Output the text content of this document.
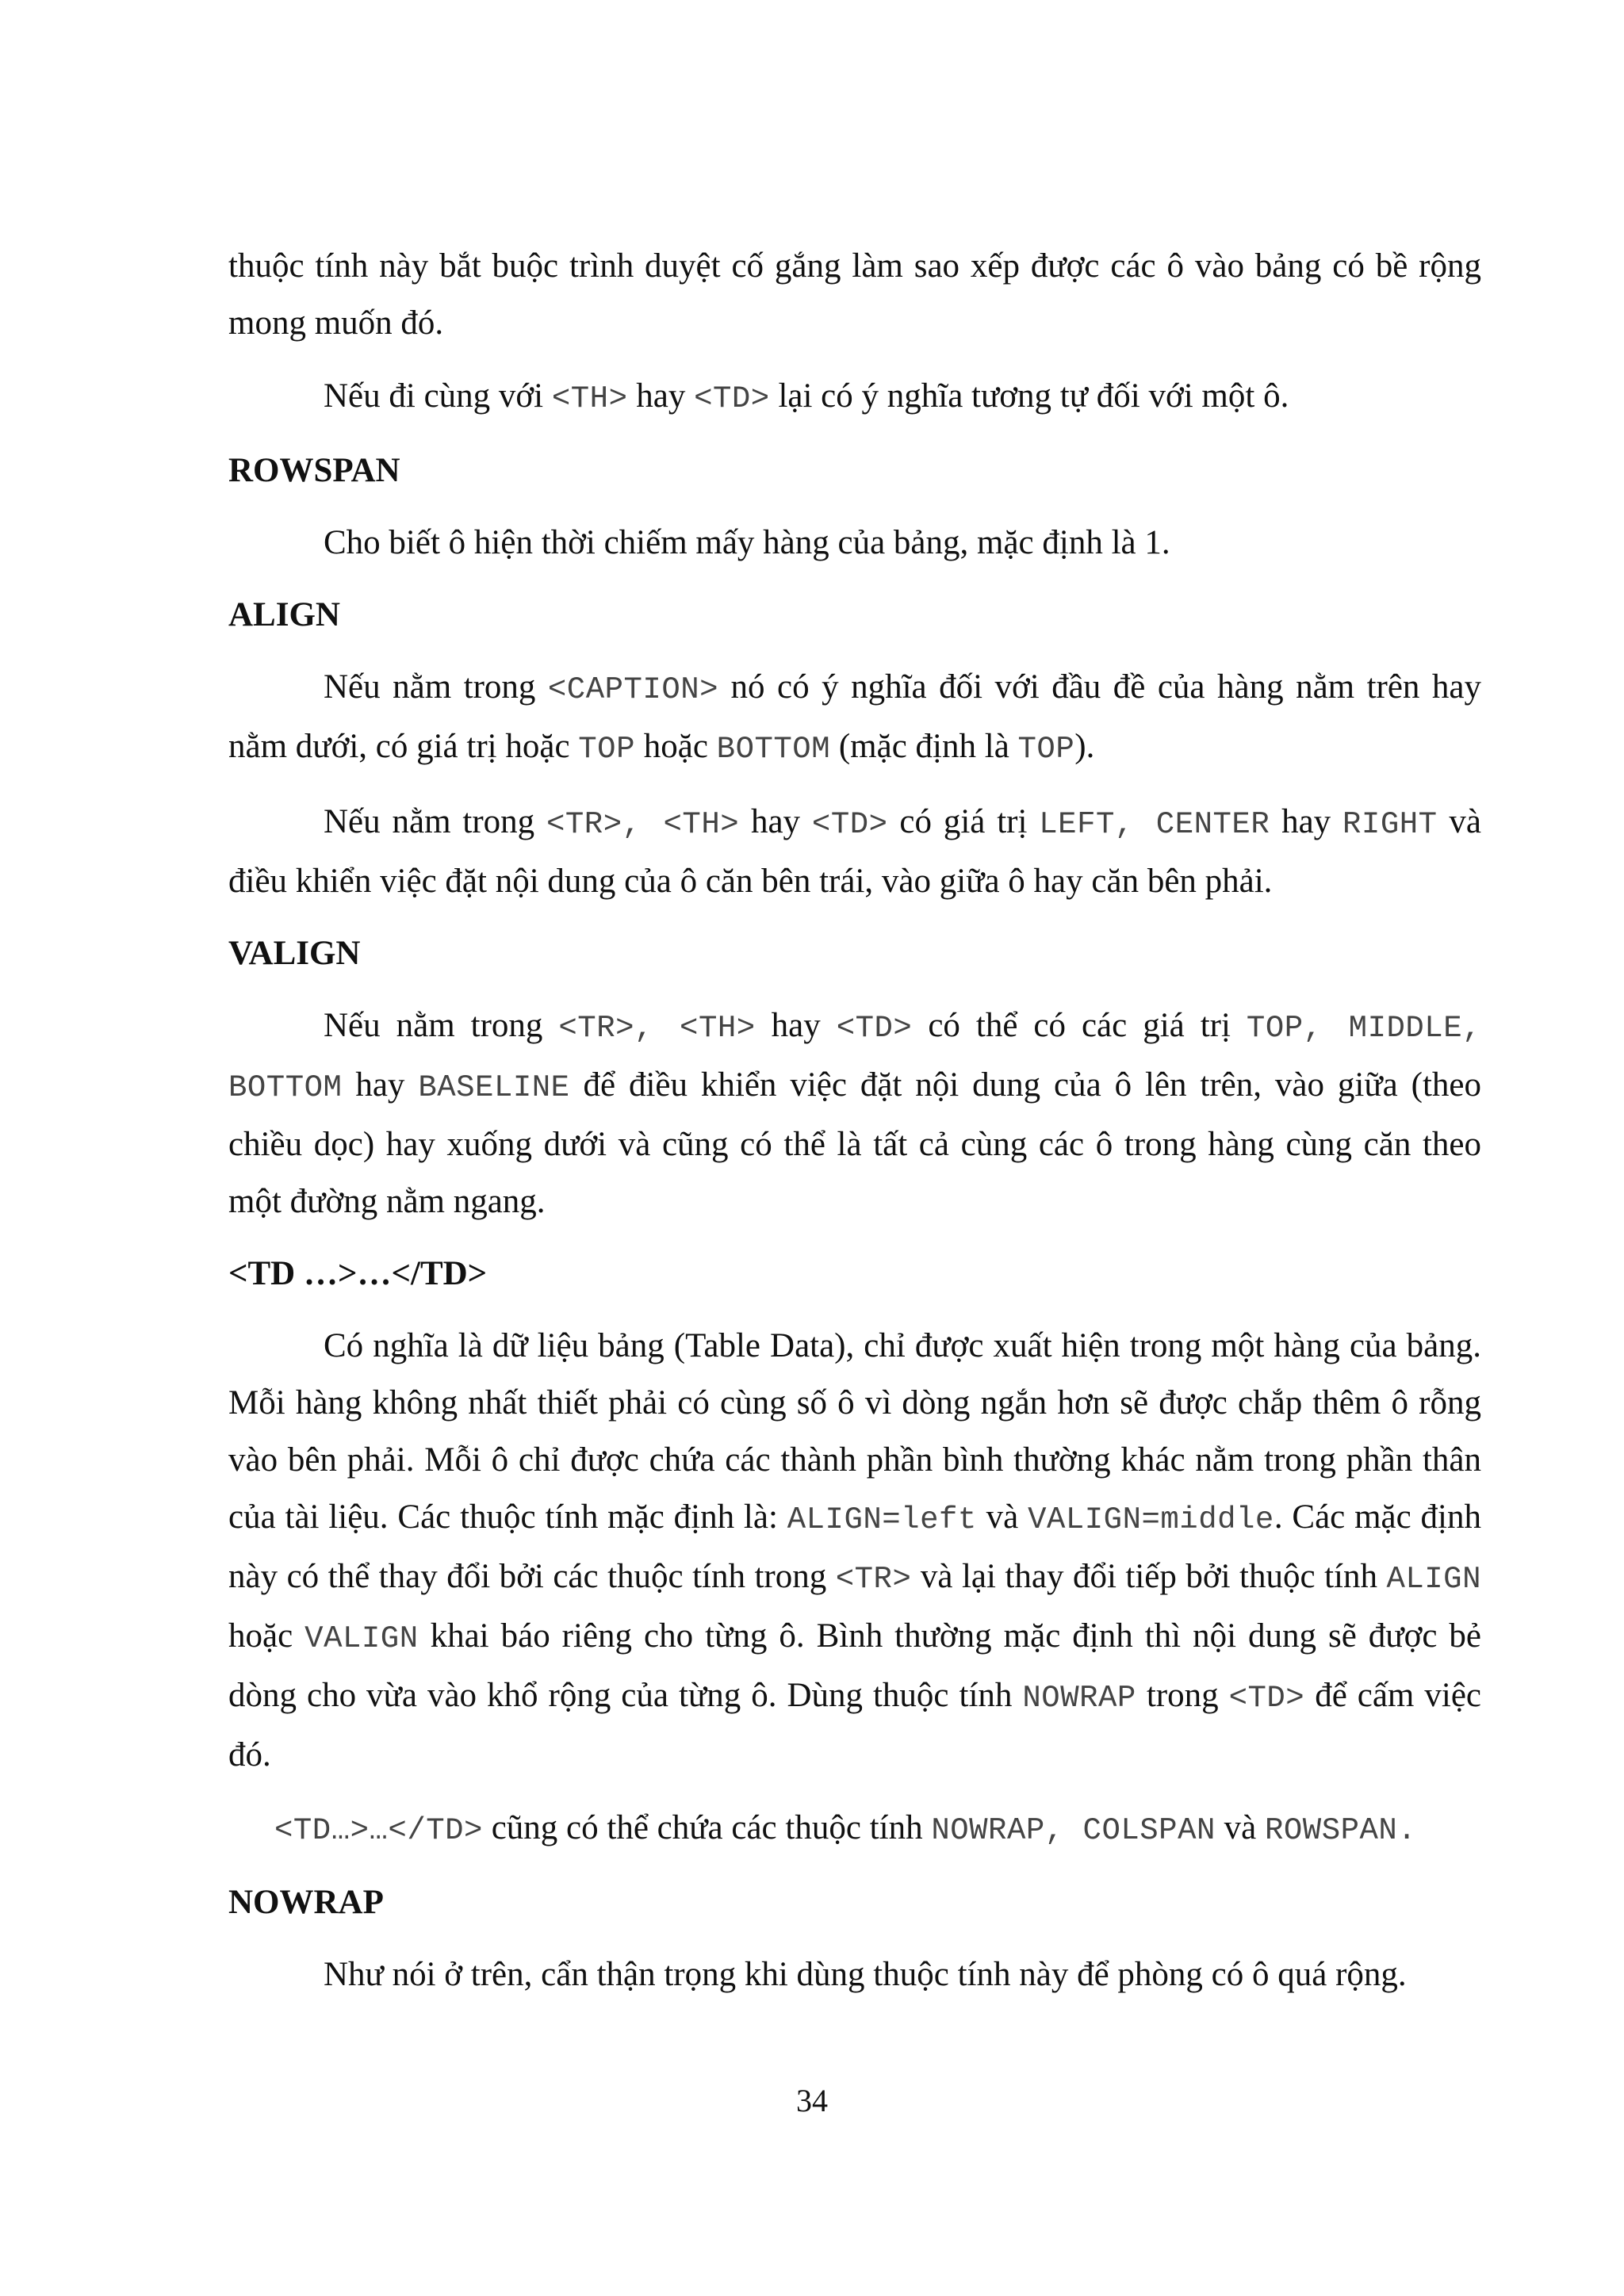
thuộc tính này bắt buộc trình duyệt cố gắng làm sao xếp được các ô vào bảng có bề rộng mong muốn đó.

Nếu đi cùng với <TH> hay <TD> lại có ý nghĩa tương tự đối với một ô.

ROWSPAN

Cho biết ô hiện thời chiếm mấy hàng của bảng, mặc định là 1.

ALIGN

Nếu nằm trong <CAPTION> nó có ý nghĩa đối với đầu đề của hàng nằm trên hay nằm dưới, có giá trị hoặc TOP hoặc BOTTOM (mặc định là TOP).

Nếu nằm trong <TR>, <TH> hay <TD> có giá trị LEFT, CENTER hay RIGHT và điều khiển việc đặt nội dung của ô căn bên trái, vào giữa ô hay căn bên phải.

VALIGN

Nếu nằm trong <TR>, <TH> hay <TD> có thể có các giá trị TOP, MIDDLE, BOTTOM hay BASELINE để điều khiển việc đặt nội dung của ô lên trên, vào giữa (theo chiều dọc) hay xuống dưới và cũng có thể là tất cả cùng các ô trong hàng cùng căn theo một đường nằm ngang.

<TD …>…</TD>

Có nghĩa là dữ liệu bảng (Table Data), chỉ được xuất hiện trong một hàng của bảng. Mỗi hàng không nhất thiết phải có cùng số ô vì dòng ngắn hơn sẽ được chắp thêm ô rỗng vào bên phải. Mỗi ô chỉ được chứa các thành phần bình thường khác nằm trong phần thân của tài liệu. Các thuộc tính mặc định là: ALIGN=left và VALIGN=middle. Các mặc định này có thể thay đổi bởi các thuộc tính trong <TR> và lại thay đổi tiếp bởi thuộc tính ALIGN hoặc VALIGN khai báo riêng cho từng ô. Bình thường mặc định thì nội dung sẽ được bẻ dòng cho vừa vào khổ rộng của từng ô. Dùng thuộc tính NOWRAP trong <TD> để cấm việc đó.

<TD…>…</TD> cũng có thể chứa các thuộc tính NOWRAP, COLSPAN và ROWSPAN.

NOWRAP

Như nói ở trên, cẩn thận trọng khi dùng thuộc tính này để phòng có ô quá rộng.

34
